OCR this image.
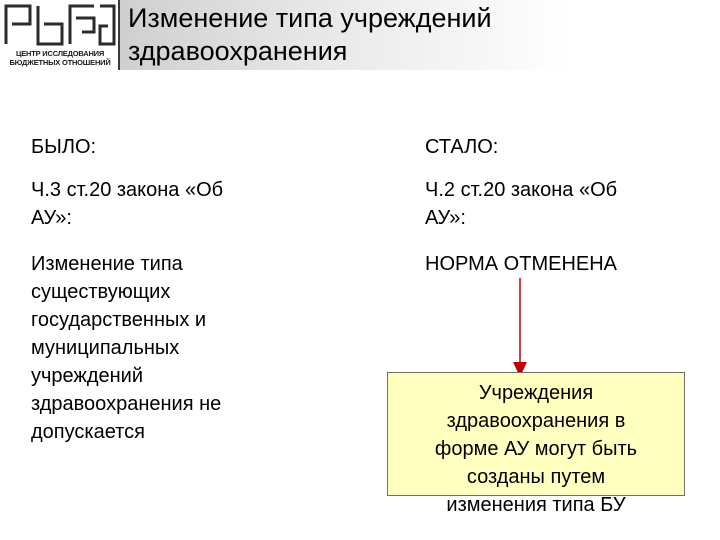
ЦЕНТР ИССЛЕДОВАНИЯ
БЮДЖЕТНЫХ ОТНОШЕНИЙ
Изменение типа учреждений
здравоохранения
БЫЛО:
Ч.3 ст.20 закона «Об
АУ»:
Изменение типа
существующих
государственных и
муниципальных
учреждений
здравоохранения не
допускается
СТАЛО:
Ч.2 ст.20 закона «Об
АУ»:
НОРМА ОТМЕНЕНА
Учреждения
здравоохранения в
форме АУ могут быть
созданы путем
изменения типа БУ
